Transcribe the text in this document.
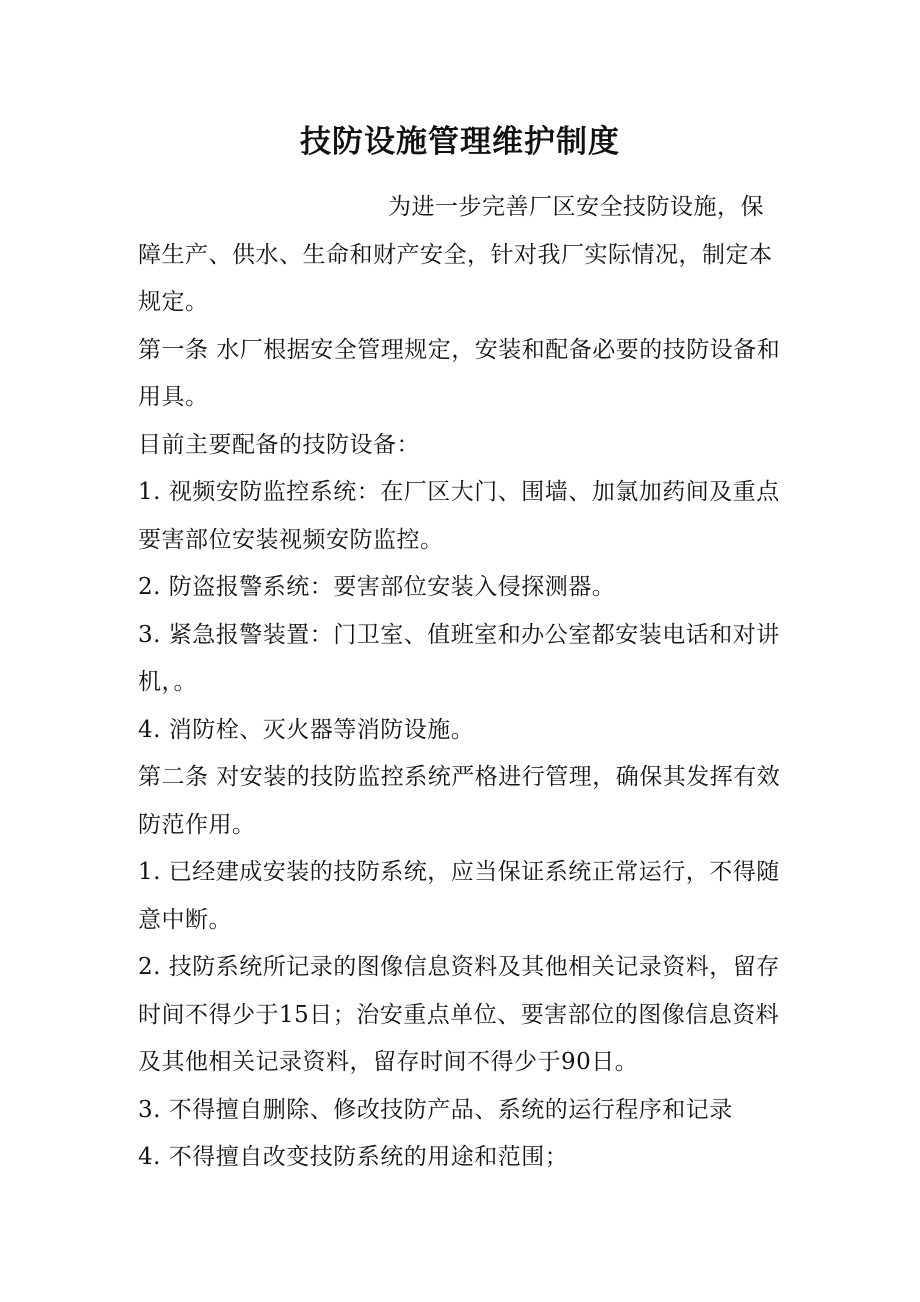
技防设施管理维护制度

为进一步完善厂区安全技防设施，保障生产、供水、生命和财产安全，针对我厂实际情况，制定本规定。

第一条 水厂根据安全管理规定，安装和配备必要的技防设备和用具。

目前主要配备的技防设备：

1. 视频安防监控系统：在厂区大门、围墙、加氯加药间及重点要害部位安装视频安防监控。

2. 防盗报警系统：要害部位安装入侵探测器。

3. 紧急报警装置：门卫室、值班室和办公室都安装电话和对讲机，。

4. 消防栓、灭火器等消防设施。

第二条 对安装的技防监控系统严格进行管理，确保其发挥有效防范作用。

1. 已经建成安装的技防系统，应当保证系统正常运行，不得随意中断。

2. 技防系统所记录的图像信息资料及其他相关记录资料，留存时间不得少于15日；治安重点单位、要害部位的图像信息资料及其他相关记录资料，留存时间不得少于90日。

3. 不得擅自删除、修改技防产品、系统的运行程序和记录

4. 不得擅自改变技防系统的用途和范围；
